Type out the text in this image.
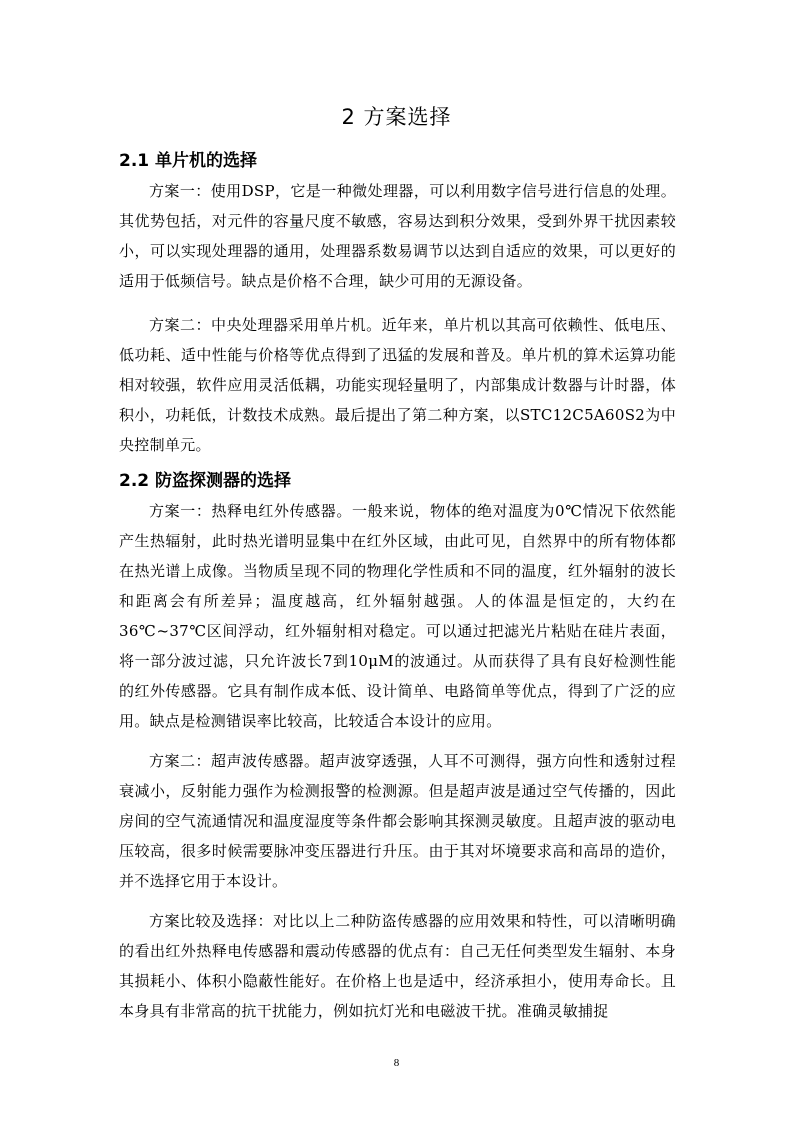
2 方案选择
2.1 单片机的选择

方案一：使用DSP，它是一种微处理器，可以利用数字信号进行信息的处理。其优势包括，对元件的容量尺度不敏感，容易达到积分效果，受到外界干扰因素较小，可以实现处理器的通用，处理器系数易调节以达到自适应的效果，可以更好的适用于低频信号。缺点是价格不合理，缺少可用的无源设备。

方案二：中央处理器采用单片机。近年来，单片机以其高可依赖性、低电压、低功耗、适中性能与价格等优点得到了迅猛的发展和普及。单片机的算术运算功能相对较强，软件应用灵活低耦，功能实现轻量明了，内部集成计数器与计时器，体积小，功耗低，计数技术成熟。最后提出了第二种方案，以STC12C5A60S2为中央控制单元。

2.2 防盗探测器的选择

方案一：热释电红外传感器。一般来说，物体的绝对温度为0℃情况下依然能产生热辐射，此时热光谱明显集中在红外区域，由此可见，自然界中的所有物体都在热光谱上成像。当物质呈现不同的物理化学性质和不同的温度，红外辐射的波长和距离会有所差异；温度越高，红外辐射越强。人的体温是恒定的，大约在36℃~37℃区间浮动，红外辐射相对稳定。可以通过把滤光片粘贴在硅片表面，将一部分波过滤，只允许波长7到10μM的波通过。从而获得了具有良好检测性能的红外传感器。它具有制作成本低、设计简单、电路简单等优点，得到了广泛的应用。缺点是检测错误率比较高，比较适合本设计的应用。

方案二：超声波传感器。超声波穿透强，人耳不可测得，强方向性和透射过程衰减小，反射能力强作为检测报警的检测源。但是超声波是通过空气传播的，因此房间的空气流通情况和温度湿度等条件都会影响其探测灵敏度。且超声波的驱动电压较高，很多时候需要脉冲变压器进行升压。由于其对坏境要求高和高昂的造价，并不选择它用于本设计。

方案比较及选择：对比以上二种防盗传感器的应用效果和特性，可以清晰明确的看出红外热释电传感器和震动传感器的优点有：自己无任何类型发生辐射、本身其损耗小、体积小隐蔽性能好。在价格上也是适中，经济承担小，使用寿命长。且本身具有非常高的抗干扰能力，例如抗灯光和电磁波干扰。准确灵敏捕捉

8
